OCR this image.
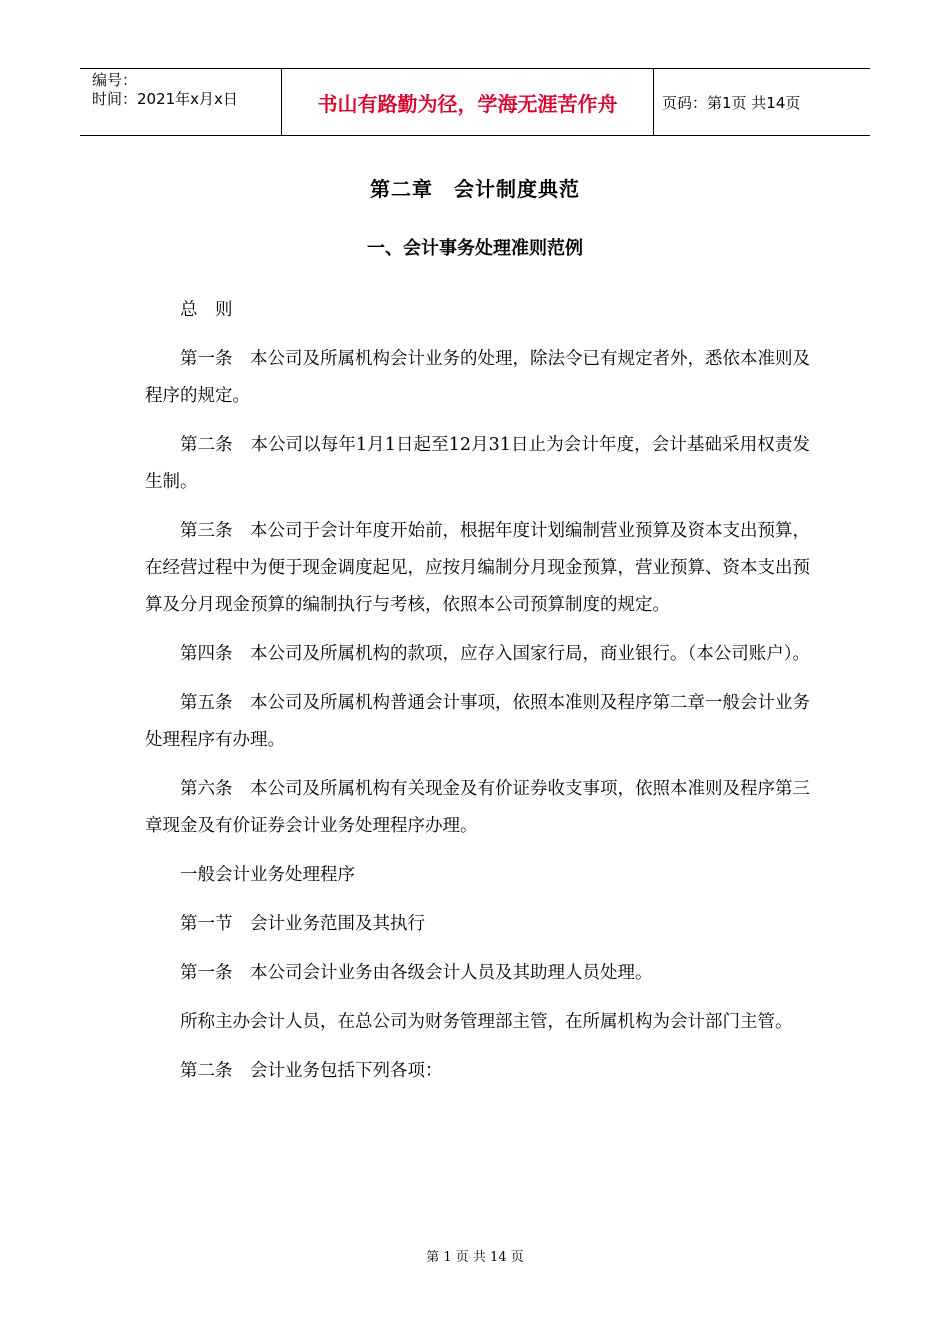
编号：
时间：2021年x月x日	书山有路勤为径，学海无涯苦作舟	页码：第1页 共14页
第二章　会计制度典范
一、会计事务处理准则范例

总　则

第一条　本公司及所属机构会计业务的处理，除法令已有规定者外，悉依本准则及程序的规定。

第二条　本公司以每年1月1日起至12月31日止为会计年度，会计基础采用权责发生制。

第三条　本公司于会计年度开始前，根据年度计划编制营业预算及资本支出预算，在经营过程中为便于现金调度起见，应按月编制分月现金预算，营业预算、资本支出预算及分月现金预算的编制执行与考核，依照本公司预算制度的规定。

第四条　本公司及所属机构的款项，应存入国家行局，商业银行。（本公司账户）。

第五条　本公司及所属机构普通会计事项，依照本准则及程序第二章一般会计业务处理程序有办理。

第六条　本公司及所属机构有关现金及有价证券收支事项，依照本准则及程序第三章现金及有价证券会计业务处理程序办理。

一般会计业务处理程序

第一节　会计业务范围及其执行

第一条　本公司会计业务由各级会计人员及其助理人员处理。

所称主办会计人员，在总公司为财务管理部主管，在所属机构为会计部门主管。

第二条　会计业务包括下列各项：

第 1 页 共 14 页
